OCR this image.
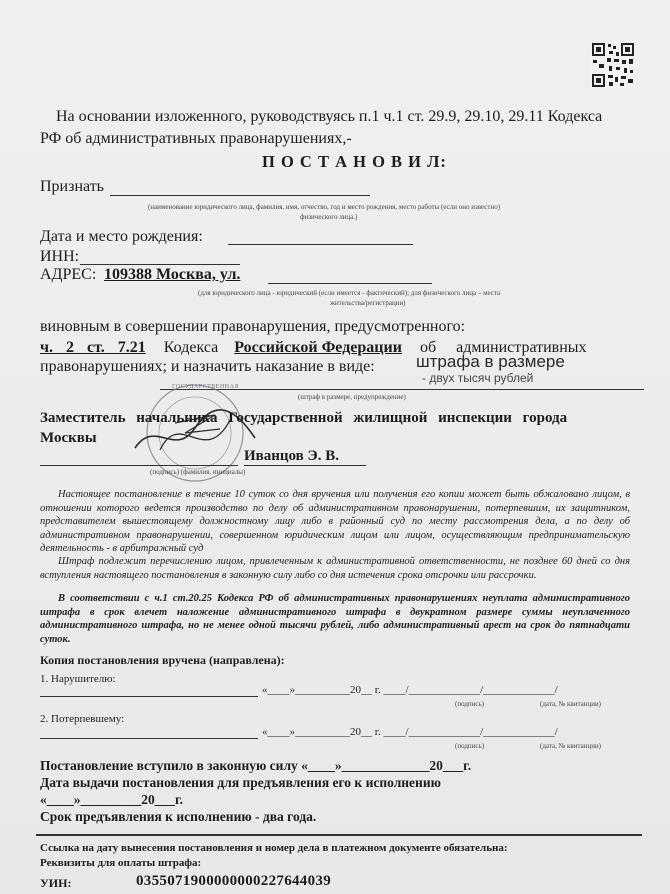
На основании изложенного, руководствуясь п.1 ч.1 ст. 29.9, 29.10, 29.11 Кодекса
РФ об административных правонарушениях,-
П О С Т А Н О В И Л:
Признать
(наименование юридического лица, фамилия, имя, отчество, год и место рождения, место работы (если оно известно)
физического лица.)
Дата и место рождения:
ИНН:
АДРЕС: 109388 Москва, ул.
(для юридического лица - юридический (если имеется - фактический); для физического лица – места
жительства/регистрации)
виновным в совершении правонарушения, предусмотренного:
ч. 2 ст. 7.21 Кодекса Российской Федерации об административных
правонарушениях; и назначить наказание в виде: штрафа в размере
- двух тысяч рублей
(штраф в размере, предупреждение)
ГОСУДАРСТВЕННАЯ
Заместитель начальника Государственной жилищной инспекции города
Москвы
Иванцов Э. В.
(подпись) (фамилия, инициалы)
Настоящее постановление в течение 10 суток со дня вручения или получения его копии может быть обжаловано лицом, в отношении которого ведется производство по делу об административном правонарушении, потерпевшим, их защитником, представителем вышестоящему должностному лицу либо в районный суд по месту рассмотрения дела, а по делу об административном правонарушении, совершенном юридическим лицом или лицом, осуществляющим предпринимательскую деятельность - в арбитражный суд
Штраф подлежит перечислению лицом, привлеченным к административной ответственности, не позднее 60 дней со дня вступления настоящего постановления в законную силу либо со дня истечения срока отсрочки или рассрочки.
В соответствии с ч.1 ст.20.25 Кодекса РФ об административных правонарушениях неуплата административного штрафа в срок влечет наложение административного штрафа в двукратном размере суммы неуплаченного административного штрафа, но не менее одной тысячи рублей, либо административный арест на срок до пятнадцати суток.
Копия постановления вручена (направлена):
1. Нарушителю:
«____»__________20__ г. ____/_____________/_____________/
(подпись)	(дата, № квитанции)
2. Потерпевшему:
«____»__________20__ г. ____/_____________/_____________/
(подпись)	(дата, № квитанции)
Постановление вступило в законную силу «____»_____________20___г.
Дата выдачи постановления для предъявления его к исполнению
«____»_________20___г.
Срок предъявления к исполнению - два года.
Ссылка на дату вынесения постановления и номер дела в платежном документе обязательна:
Реквизиты для оплаты штрафа:
УИН:	0355071900000000227644039
